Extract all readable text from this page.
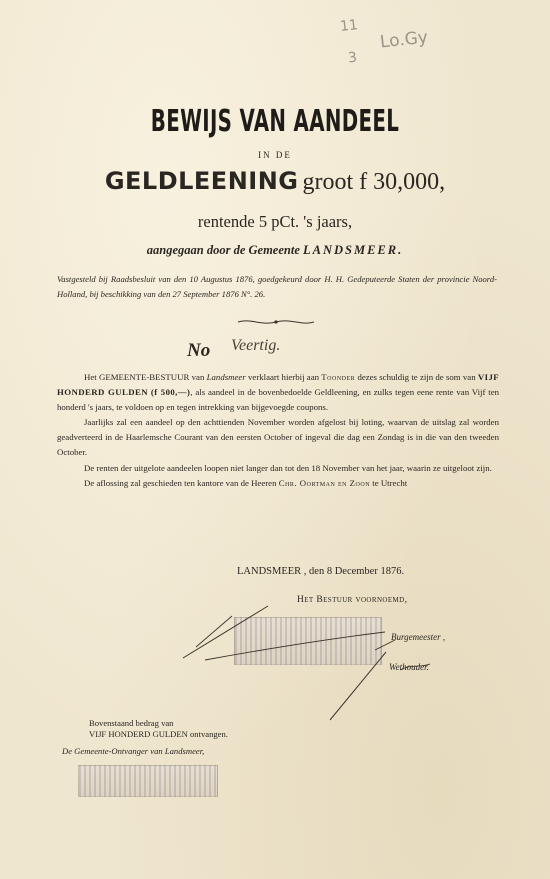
11
3
Lo.Gy
BEWIJS VAN AANDEEL
IN DE
GELDLEENING groot f 30,000,
rentende 5 pCt. 's jaars,
aangegaan door de Gemeente LANDSMEER.
Vastgesteld bij Raadsbesluit van den 10 Augustus 1876, goedgekeurd door H. H. Gedeputeerde Staten der provincie Noord-Holland, bij beschikking van den 27 September 1876 N°. 26.
No Veertig.

Het GEMEENTE-BESTUUR van Landsmeer verklaart hierbij aan Toonder dezes schuldig te zijn de som van VIJF HONDERD GULDEN (f 500,—), als aandeel in de bovenbedoelde Geldleening, en zulks tegen eene rente van Vijf ten honderd 's jaars, te voldoen op en tegen intrekking van bijgevoegde coupons.

Jaarlijks zal een aandeel op den achttienden November worden afgelost bij loting, waarvan de uitslag zal worden geadverteerd in de Haarlemsche Courant van den eersten October of ingeval die dag een Zondag is in die van den tweeden October.

De renten der uitgelote aandeelen loopen niet langer dan tot den 18 November van het jaar, waarin ze uitgeloot zijn.

De aflossing zal geschieden ten kantore van de Heeren Chr. Oortman en Zoon te Utrecht

LANDSMEER , den 8 December 1876.
Het Bestuur voornoemd,
Burgemeester ,
Wethouder.
Bovenstaand bedrag van
VIJF HONDERD GULDEN ontvangen.
De Gemeente-Ontvanger van Landsmeer,
